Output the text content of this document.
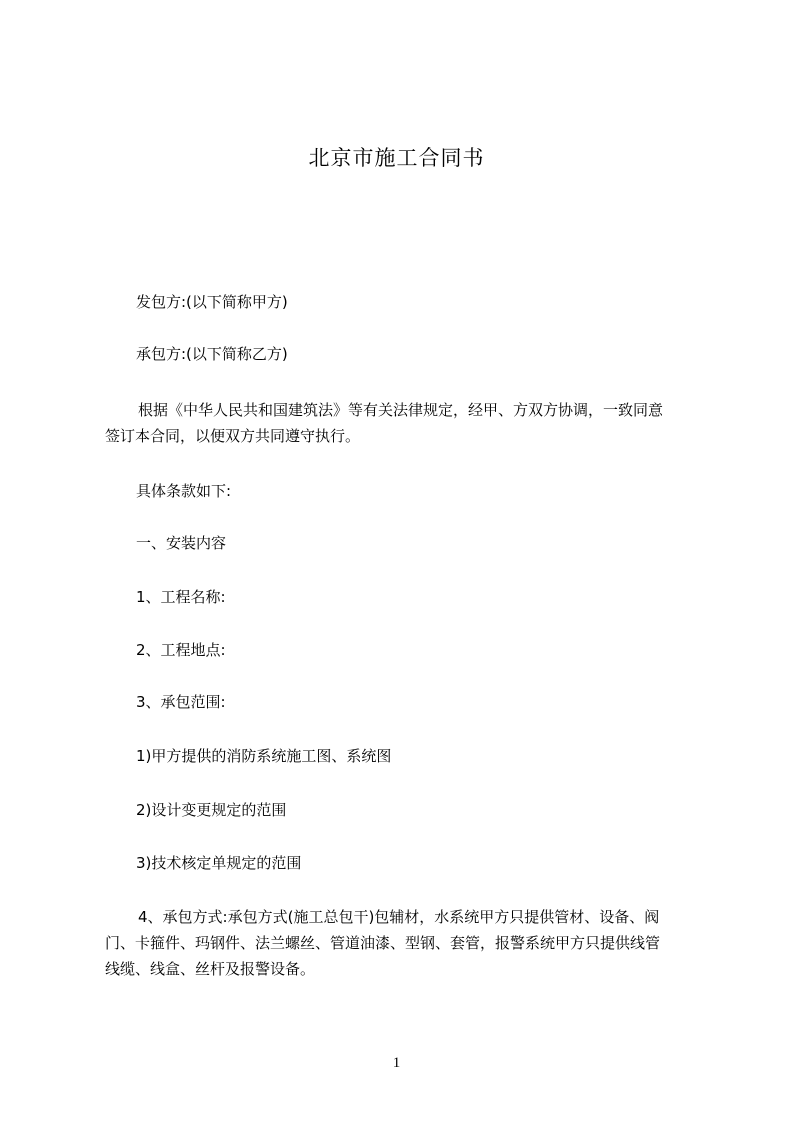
北京市施工合同书
发包方:(以下简称甲方)
承包方:(以下简称乙方)
根据《中华人民共和国建筑法》等有关法律规定，经甲、方双方协调，一致同意
签订本合同，以便双方共同遵守执行。
具体条款如下:
一、安装内容
1、工程名称:
2、工程地点:
3、承包范围:
1)甲方提供的消防系统施工图、系统图
2)设计变更规定的范围
3)技术核定单规定的范围
4、承包方式:承包方式(施工总包干)包辅材，水系统甲方只提供管材、设备、阀
门、卡箍件、玛钢件、法兰螺丝、管道油漆、型钢、套管，报警系统甲方只提供线管
线缆、线盒、丝杆及报警设备。
1
